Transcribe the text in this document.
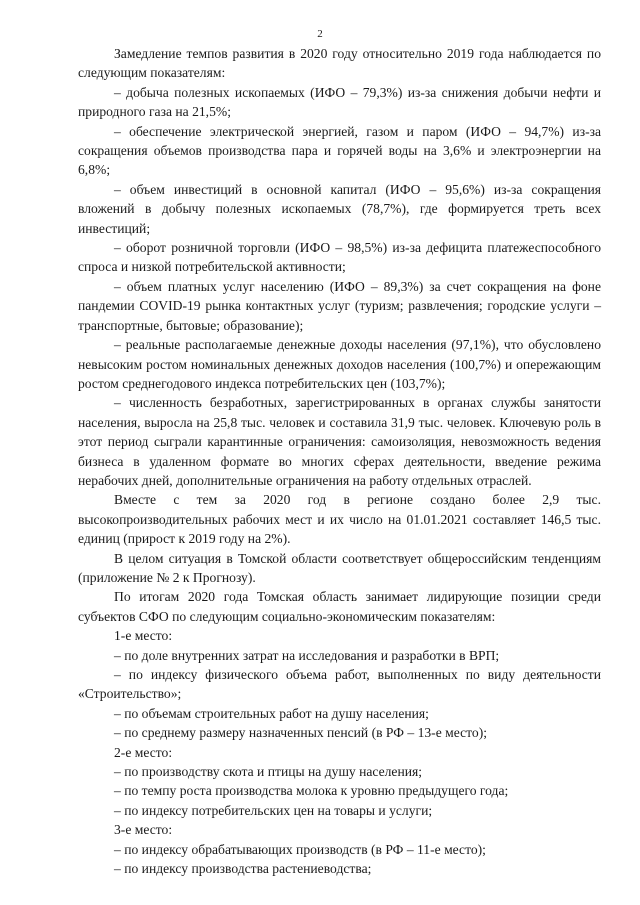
2

Замедление темпов развития в 2020 году относительно 2019 года наблюдается по следующим показателям:

– добыча полезных ископаемых (ИФО – 79,3%) из-за снижения добычи нефти и природного газа на 21,5%;

– обеспечение электрической энергией, газом и паром (ИФО – 94,7%) из-за сокращения объемов производства пара и горячей воды на 3,6% и электроэнергии на 6,8%;

– объем инвестиций в основной капитал (ИФО – 95,6%) из-за сокращения вложений в добычу полезных ископаемых (78,7%), где формируется треть всех инвестиций;

– оборот розничной торговли (ИФО – 98,5%) из-за дефицита платежеспособного спроса и низкой потребительской активности;

– объем платных услуг населению (ИФО – 89,3%) за счет сокращения на фоне пандемии COVID-19 рынка контактных услуг (туризм; развлечения; городские услуги – транспортные, бытовые; образование);

– реальные располагаемые денежные доходы населения (97,1%), что обусловлено невысоким ростом номинальных денежных доходов населения (100,7%) и опережающим ростом среднегодового индекса потребительских цен (103,7%);

– численность безработных, зарегистрированных в органах службы занятости населения, выросла на 25,8 тыс. человек и составила 31,9 тыс. человек. Ключевую роль в этот период сыграли карантинные ограничения: самоизоляция, невозможность ведения бизнеса в удаленном формате во многих сферах деятельности, введение режима нерабочих дней, дополнительные ограничения на работу отдельных отраслей.

Вместе с тем за 2020 год в регионе создано более 2,9 тыс. высокопроизводительных рабочих мест и их число на 01.01.2021 составляет 146,5 тыс. единиц (прирост к 2019 году на 2%).

В целом ситуация в Томской области соответствует общероссийским тенденциям (приложение № 2 к Прогнозу).

По итогам 2020 года Томская область занимает лидирующие позиции среди субъектов СФО по следующим социально-экономическим показателям:

1-е место:

– по доле внутренних затрат на исследования и разработки в ВРП;

– по индексу физического объема работ, выполненных по виду деятельности «Строительство»;

– по объемам строительных работ на душу населения;

– по среднему размеру назначенных пенсий (в РФ – 13-е место);

2-е место:

– по производству скота и птицы на душу населения;

– по темпу роста производства молока к уровню предыдущего года;

– по индексу потребительских цен на товары и услуги;

3-е место:

– по индексу обрабатывающих производств (в РФ – 11-е место);

– по индексу производства растениеводства;
